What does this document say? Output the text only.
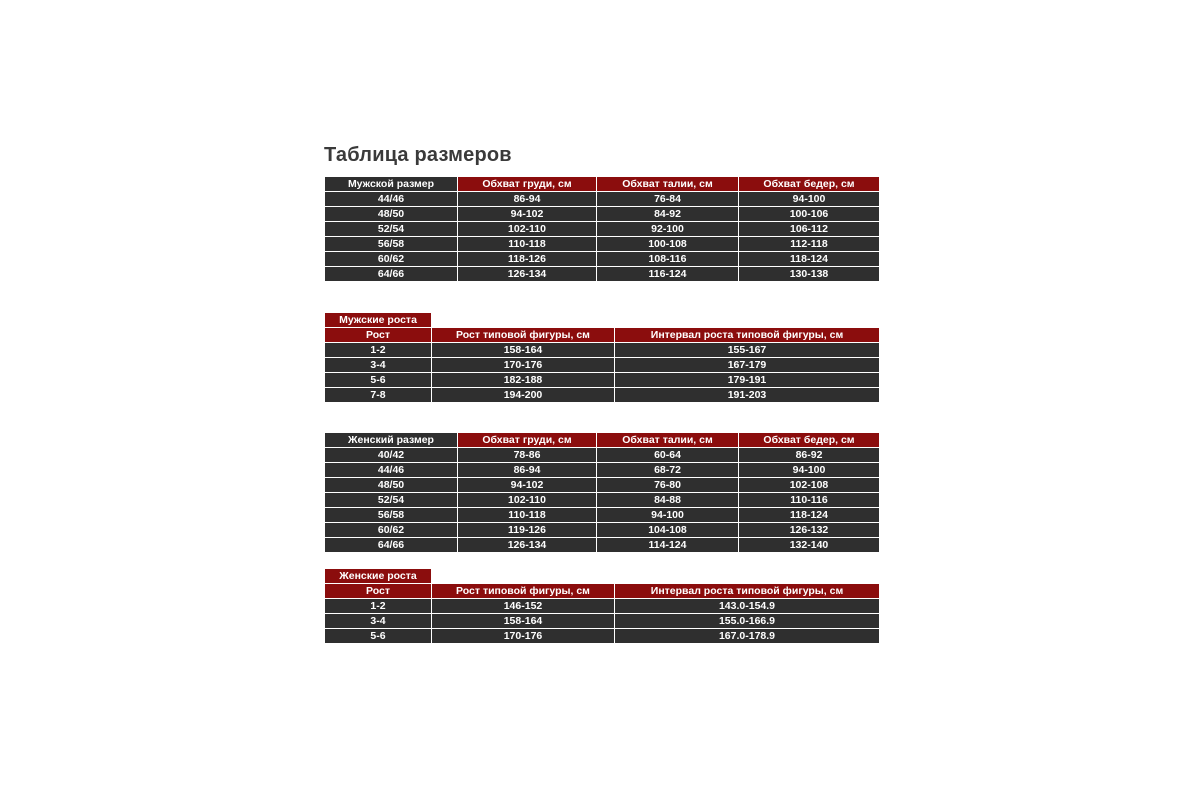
Таблица размеров
Мужской размер	Обхват груди, см	Обхват талии, см	Обхват бедер, см
44/46	86-94	76-84	94-100
48/50	94-102	84-92	100-106
52/54	102-110	92-100	106-112
56/58	110-118	100-108	112-118
60/62	118-126	108-116	118-124
64/66	126-134	116-124	130-138
Мужские роста		
Рост	Рост типовой фигуры, см	Интервал роста типовой фигуры, см
1-2	158-164	155-167
3-4	170-176	167-179
5-6	182-188	179-191
7-8	194-200	191-203
Женский размер	Обхват груди, см	Обхват талии, см	Обхват бедер, см
40/42	78-86	60-64	86-92
44/46	86-94	68-72	94-100
48/50	94-102	76-80	102-108
52/54	102-110	84-88	110-116
56/58	110-118	94-100	118-124
60/62	119-126	104-108	126-132
64/66	126-134	114-124	132-140
Женские роста		
Рост	Рост типовой фигуры, см	Интервал роста типовой фигуры, см
1-2	146-152	143.0-154.9
3-4	158-164	155.0-166.9
5-6	170-176	167.0-178.9
